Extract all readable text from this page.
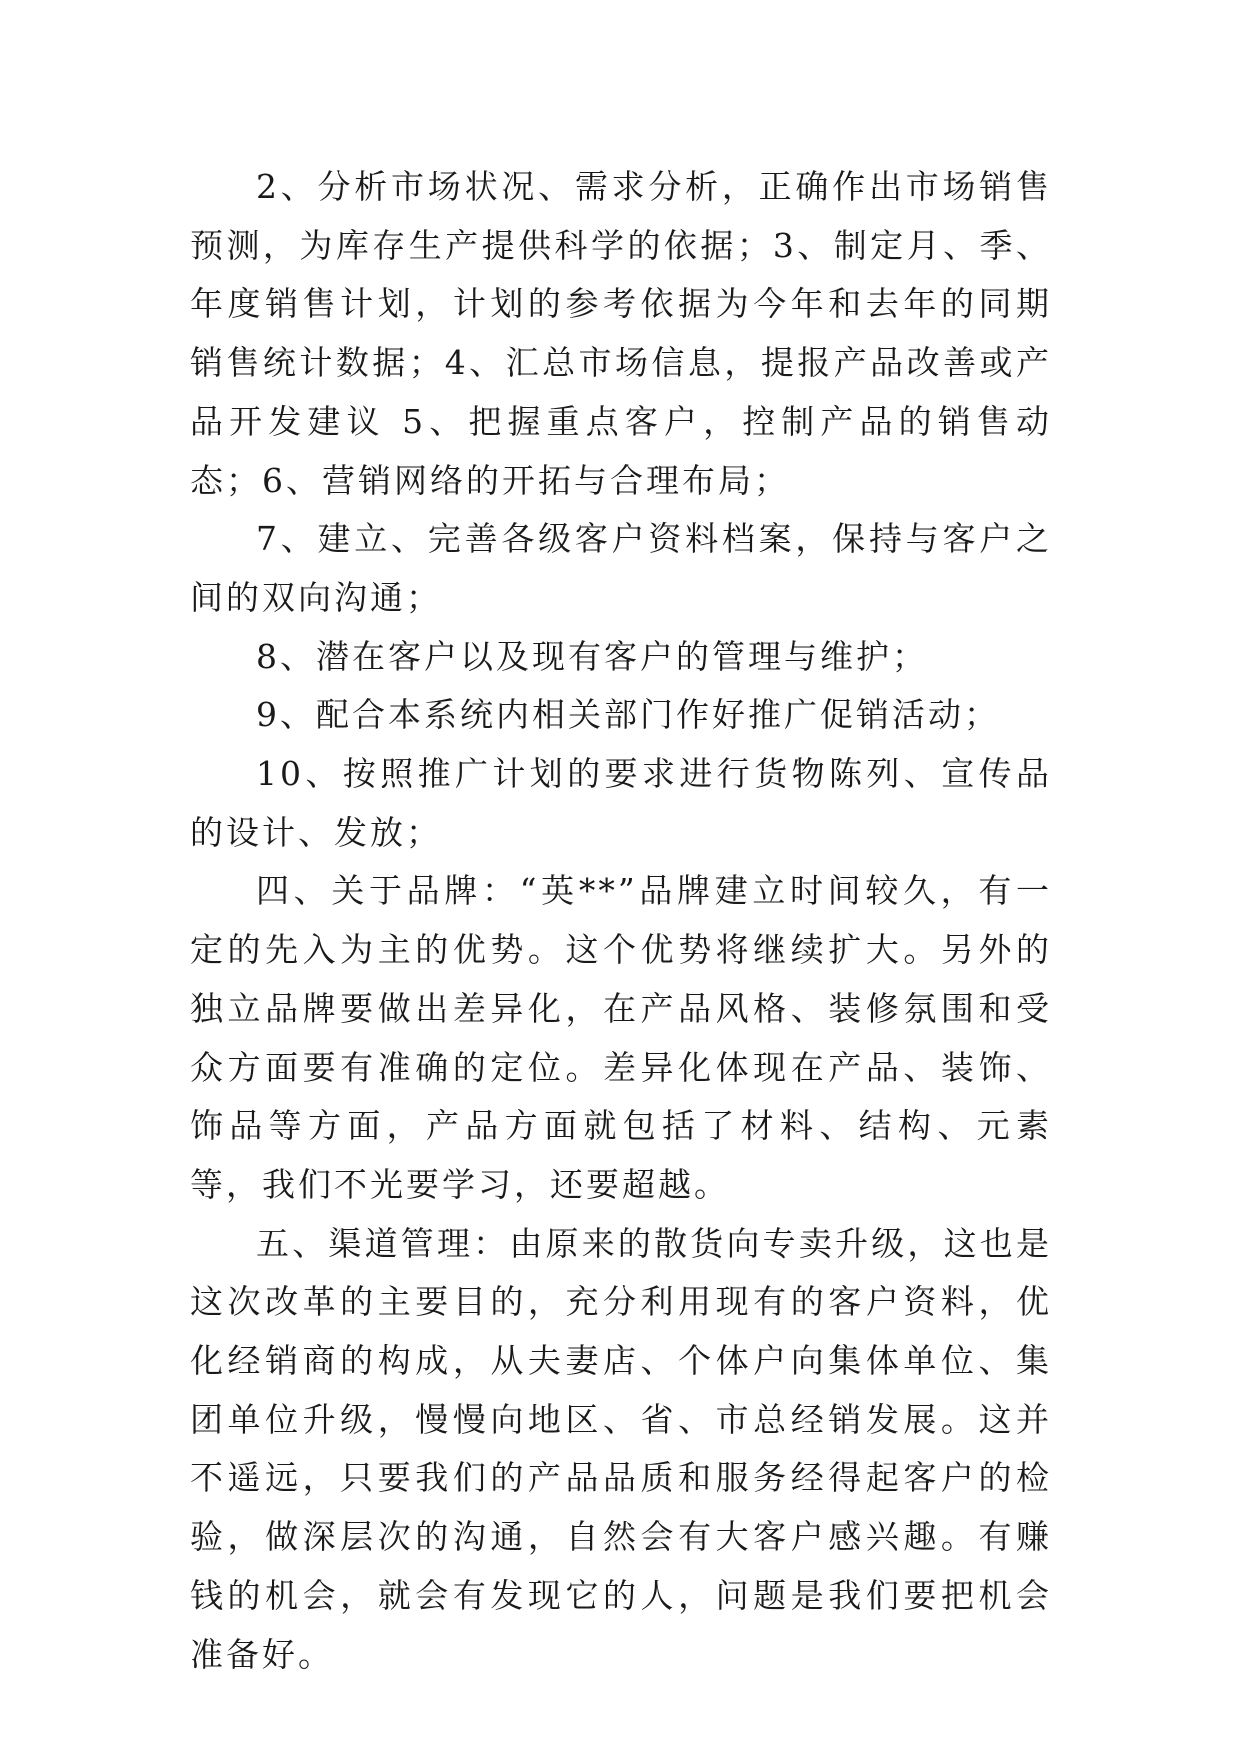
2、分析市场状况、需求分析，正确作出市场销售预测，为库存生产提供科学的依据；3、制定月、季、年度销售计划，计划的参考依据为今年和去年的同期销售统计数据；4、汇总市场信息，提报产品改善或产品开发建议 5、把握重点客户，控制产品的销售动态；6、营销网络的开拓与合理布局；

7、建立、完善各级客户资料档案，保持与客户之间的双向沟通；

8、潜在客户以及现有客户的管理与维护；

9、配合本系统内相关部门作好推广促销活动；

10、按照推广计划的要求进行货物陈列、宣传品的设计、发放；

四、关于品牌：“英**”品牌建立时间较久，有一定的先入为主的优势。这个优势将继续扩大。另外的独立品牌要做出差异化，在产品风格、装修氛围和受众方面要有准确的定位。差异化体现在产品、装饰、饰品等方面，产品方面就包括了材料、结构、元素等，我们不光要学习，还要超越。

五、渠道管理：由原来的散货向专卖升级，这也是这次改革的主要目的，充分利用现有的客户资料，优化经销商的构成，从夫妻店、个体户向集体单位、集团单位升级，慢慢向地区、省、市总经销发展。这并不遥远，只要我们的产品品质和服务经得起客户的检验，做深层次的沟通，自然会有大客户感兴趣。有赚钱的机会，就会有发现它的人，问题是我们要把机会准备好。
